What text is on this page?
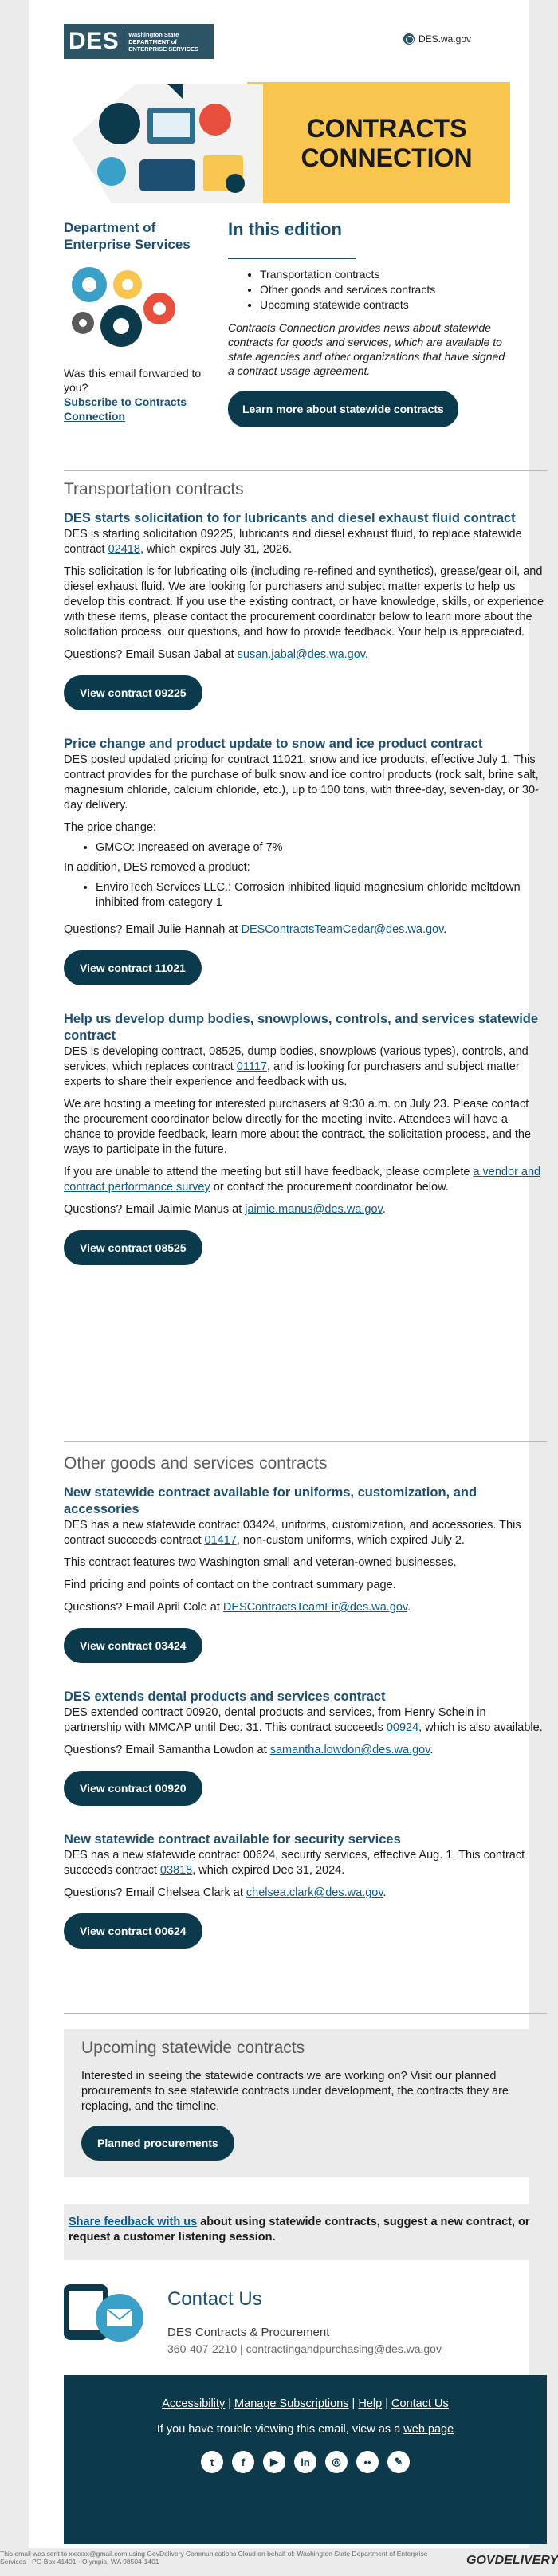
DES	Washington State
DEPARTMENT of
ENTERPRISE SERVICES
DES.wa.gov
CONTRACTS
CONNECTION
Department of Enterprise Services
Was this email forwarded to you?
Subscribe to Contracts Connection
In this edition
• Transportation contracts
• Other goods and services contracts
• Upcoming statewide contracts

Contracts Connection provides news about statewide contracts for goods and services, which are available to state agencies and other organizations that have signed a contract usage agreement.

Learn more about statewide contracts
Transportation contracts
DES starts solicitation to for lubricants and diesel exhaust fluid contract

DES is starting solicitation 09225, lubricants and diesel exhaust fluid, to replace statewide contract 02418, which expires July 31, 2026.

This solicitation is for lubricating oils (including re-refined and synthetics), grease/gear oil, and diesel exhaust fluid. We are looking for purchasers and subject matter experts to help us develop this contract. If you use the existing contract, or have knowledge, skills, or experience with these items, please contact the procurement coordinator below to learn more about the solicitation process, our questions, and how to provide feedback. Your help is appreciated.

Questions? Email Susan Jabal at susan.jabal@des.wa.gov.

View contract 09225
Price change and product update to snow and ice product contract

DES posted updated pricing for contract 11021, snow and ice products, effective July 1. This contract provides for the purchase of bulk snow and ice control products (rock salt, brine salt, magnesium chloride, calcium chloride, etc.), up to 100 tons, with three-day, seven-day, or 30-day delivery.

The price change:

• GMCO: Increased on average of 7%

In addition, DES removed a product:

• EnviroTech Services LLC.: Corrosion inhibited liquid magnesium chloride meltdown inhibited from category 1

Questions? Email Julie Hannah at DESContractsTeamCedar@des.wa.gov.

View contract 11021
Help us develop dump bodies, snowplows, controls, and services statewide contract

DES is developing contract, 08525, dump bodies, snowplows (various types), controls, and services, which replaces contract 01117, and is looking for purchasers and subject matter experts to share their experience and feedback with us.

We are hosting a meeting for interested purchasers at 9:30 a.m. on July 23. Please contact the procurement coordinator below directly for the meeting invite. Attendees will have a chance to provide feedback, learn more about the contract, the solicitation process, and the ways to participate in the future.

If you are unable to attend the meeting but still have feedback, please complete a vendor and contract performance survey or contact the procurement coordinator below.

Questions? Email Jaimie Manus at jaimie.manus@des.wa.gov.

View contract 08525
Other goods and services contracts
New statewide contract available for uniforms, customization, and accessories

DES has a new statewide contract 03424, uniforms, customization, and accessories. This contract succeeds contract 01417, non-custom uniforms, which expired July 2.

This contract features two Washington small and veteran-owned businesses.

Find pricing and points of contact on the contract summary page.

Questions? Email April Cole at DESContractsTeamFir@des.wa.gov.

View contract 03424
DES extends dental products and services contract

DES extended contract 00920, dental products and services, from Henry Schein in partnership with MMCAP until Dec. 31. This contract succeeds 00924, which is also available.

Questions? Email Samantha Lowdon at samantha.lowdon@des.wa.gov.

View contract 00920
New statewide contract available for security services

DES has a new statewide contract 00624, security services, effective Aug. 1. This contract succeeds contract 03818, which expired Dec 31, 2024.

Questions? Email Chelsea Clark at chelsea.clark@des.wa.gov.

View contract 00624
Upcoming statewide contracts

Interested in seeing the statewide contracts we are working on? Visit our planned procurements to see statewide contracts under development, the contracts they are replacing, and the timeline.

Planned procurements
Share feedback with us about using statewide contracts, suggest a new contract, or request a customer listening session.
Contact Us
DES Contracts & Procurement
360-407-2210 | contractingandpurchasing@des.wa.gov
Accessibility | Manage Subscriptions | Help | Contact Us
If you have trouble viewing this email, view as a web page
t	f	▶	in	◎	••	✎
This email was sent to xxxxxx@gmail.com using GovDelivery Communications Cloud on behalf of: Washington State Department of Enterprise Services · PO Box 41401 · Olympia, WA 98504-1401	GOVDELIVERY
